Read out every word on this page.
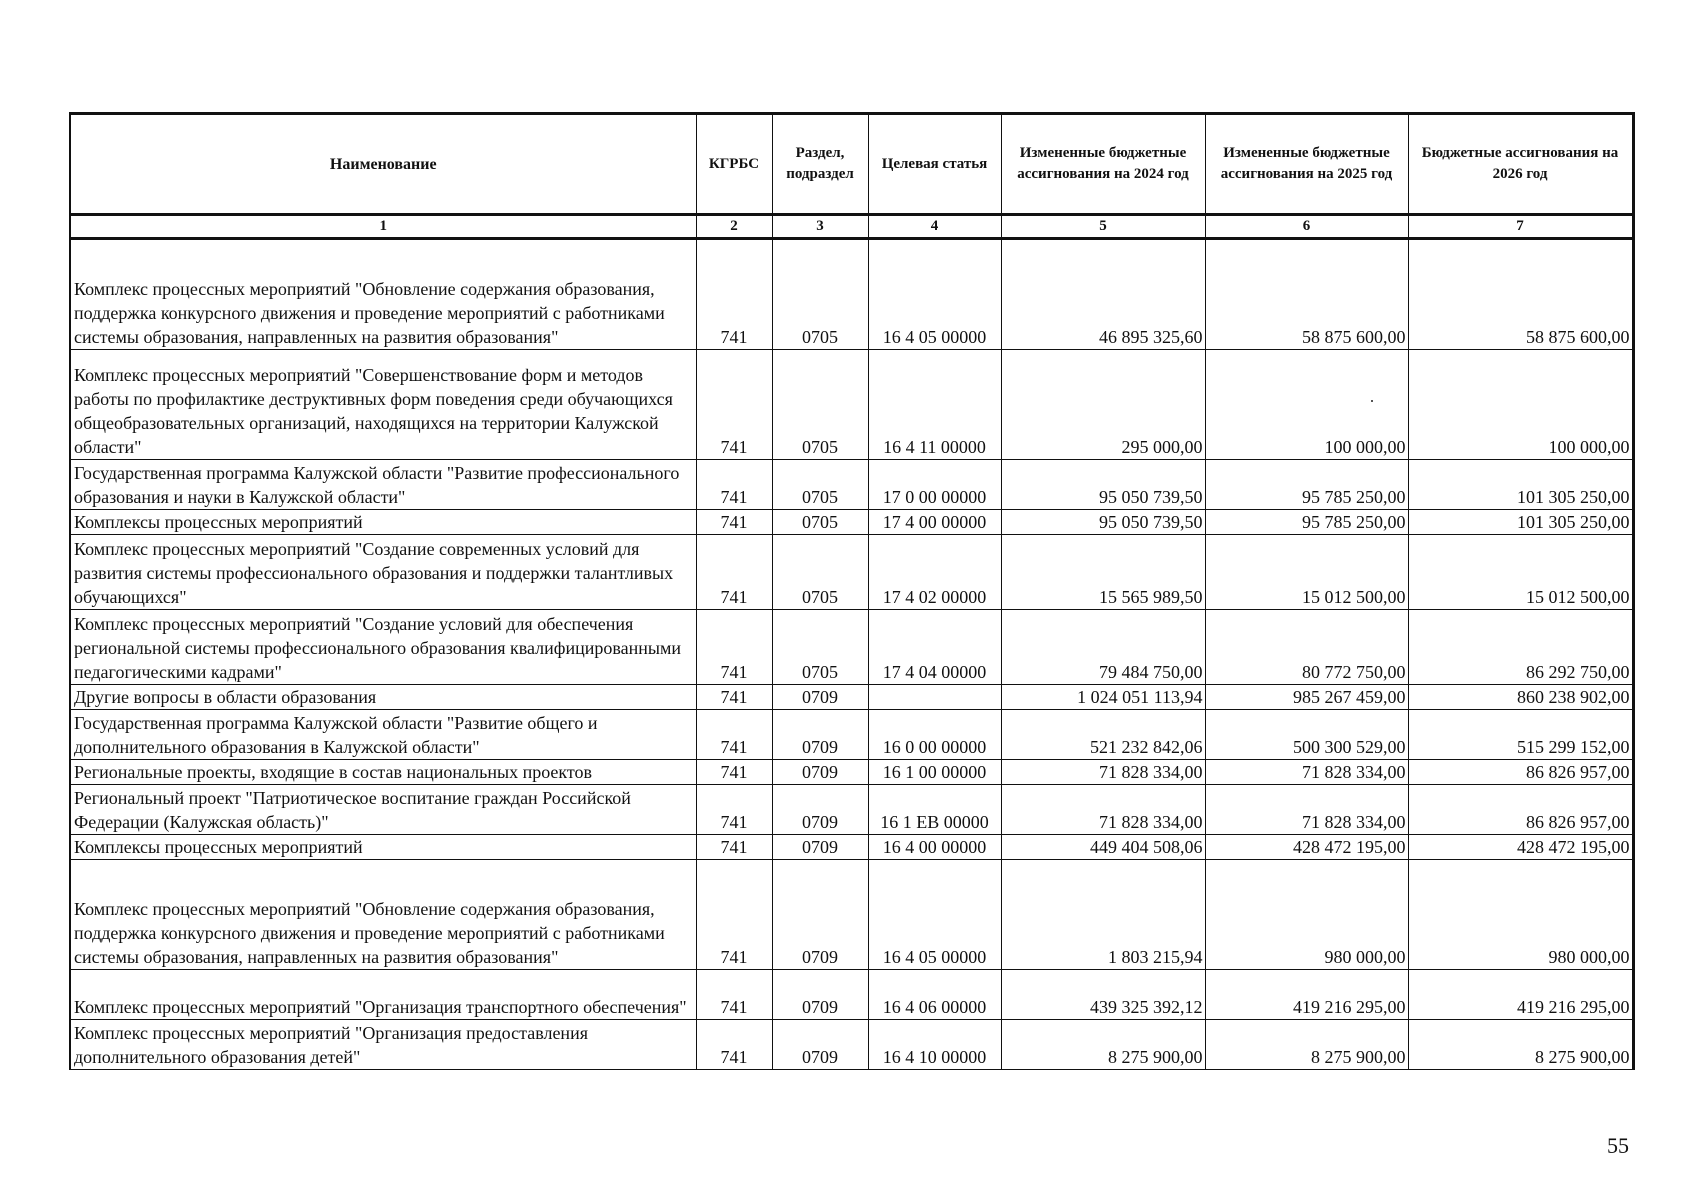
Наименование	КГРБС	Раздел, подраздел	Целевая статья	Измененные бюджетные ассигнования на 2024 год	Измененные бюджетные ассигнования на 2025 год	Бюджетные ассигнования на 2026 год
1	2	3	4	5	6	7
Комплекс процессных мероприятий "Обновление содержания образования, поддержка конкурсного движения и проведение мероприятий с работниками системы образования, направленных на развития образования"	741	0705	16 4 05 00000	46 895 325,60	58 875 600,00	58 875 600,00
Комплекс процессных мероприятий "Совершенствование форм и методов работы по профилактике деструктивных форм поведения среди обучающихся общеобразовательных организаций, находящихся на территории Калужской области"	741	0705	16 4 11 00000	295 000,00	100 000,00	100 000,00
Государственная программа Калужской области "Развитие профессионального образования и науки в Калужской области"	741	0705	17 0 00 00000	95 050 739,50	95 785 250,00	101 305 250,00
Комплексы процессных мероприятий	741	0705	17 4 00 00000	95 050 739,50	95 785 250,00	101 305 250,00
Комплекс процессных мероприятий "Создание современных условий для развития системы профессионального образования и поддержки талантливых обучающихся"	741	0705	17 4 02 00000	15 565 989,50	15 012 500,00	15 012 500,00
Комплекс процессных мероприятий "Создание условий для обеспечения региональной системы профессионального образования квалифицированными педагогическими кадрами"	741	0705	17 4 04 00000	79 484 750,00	80 772 750,00	86 292 750,00
Другие вопросы в области образования	741	0709		1 024 051 113,94	985 267 459,00	860 238 902,00
Государственная программа Калужской области "Развитие общего и дополнительного образования в Калужской области"	741	0709	16 0 00 00000	521 232 842,06	500 300 529,00	515 299 152,00
Региональные проекты, входящие в состав национальных проектов	741	0709	16 1 00 00000	71 828 334,00	71 828 334,00	86 826 957,00
Региональный проект "Патриотическое воспитание граждан Российской Федерации (Калужская область)"	741	0709	16 1 ЕВ 00000	71 828 334,00	71 828 334,00	86 826 957,00
Комплексы процессных мероприятий	741	0709	16 4 00 00000	449 404 508,06	428 472 195,00	428 472 195,00
Комплекс процессных мероприятий "Обновление содержания образования, поддержка конкурсного движения и проведение мероприятий с работниками системы образования, направленных на развития образования"	741	0709	16 4 05 00000	1 803 215,94	980 000,00	980 000,00
Комплекс процессных мероприятий "Организация транспортного обеспечения"	741	0709	16 4 06 00000	439 325 392,12	419 216 295,00	419 216 295,00
Комплекс процессных мероприятий "Организация предоставления дополнительного образования детей"	741	0709	16 4 10 00000	8 275 900,00	8 275 900,00	8 275 900,00
55
